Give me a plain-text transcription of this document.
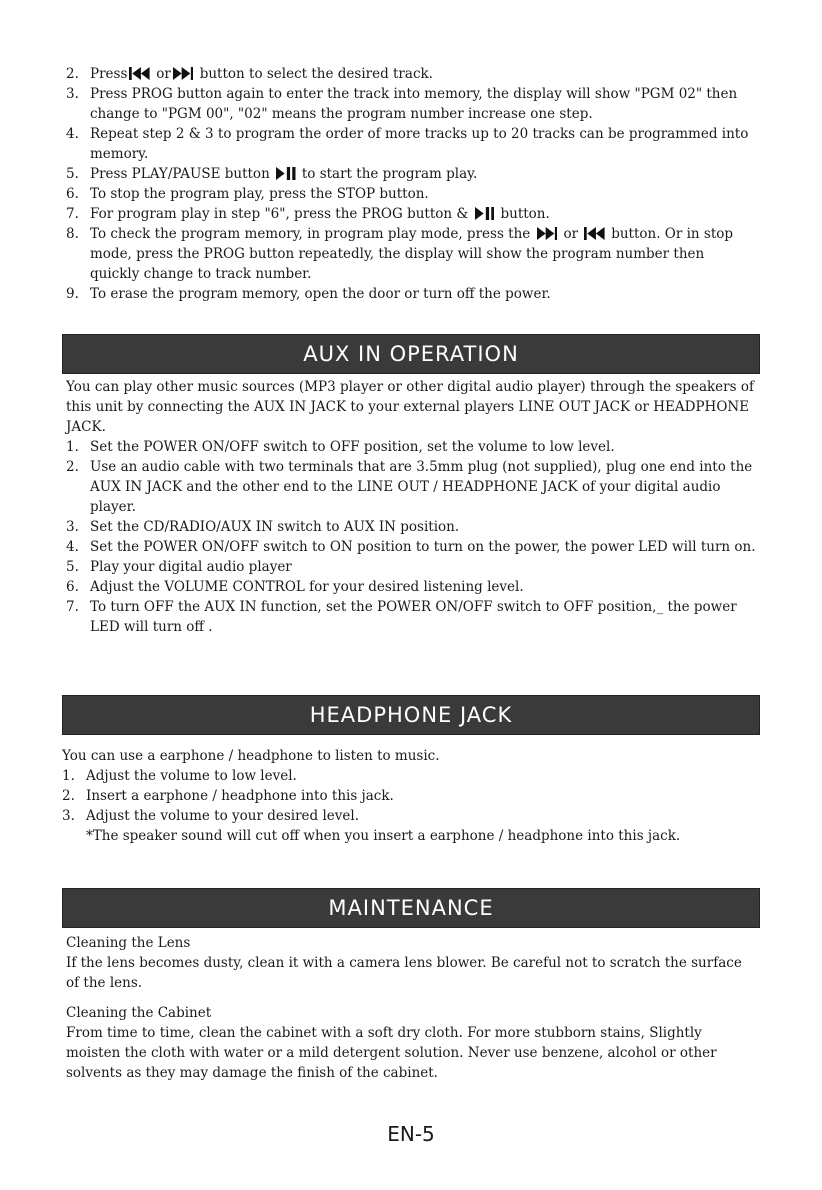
2. Press
or
button to select the desired track.
3. Press PROG button again to enter the track into memory, the display will show "PGM 02" then change to "PGM 00", "02" means the program number increase one step.
4. Repeat step 2 & 3 to program the order of more tracks up to 20 tracks can be programmed into memory.
5. Press PLAY/PAUSE button
to start the program play.
6. To stop the program play, press the STOP button.
7. For program play in step "6", press the PROG button &
button.
8. To check the program memory, in program play mode, press the
or
button. Or in stop mode, press the PROG button repeatedly, the display will show the program number then quickly change to track number.
9. To erase the program memory, open the door or turn off the power.
AUX IN OPERATION

You can play other music sources (MP3 player or other digital audio player) through the speakers of this unit by connecting the AUX IN JACK to your external players LINE OUT JACK or HEADPHONE JACK.

1. Set the POWER ON/OFF switch to OFF position, set the volume to low level.
2. Use an audio cable with two terminals that are 3.5mm plug (not supplied), plug one end into the AUX IN JACK and the other end to the LINE OUT / HEADPHONE JACK of your digital audio player.
3. Set the CD/RADIO/AUX IN switch to AUX IN position.
4. Set the POWER ON/OFF switch to ON position to turn on the power, the power LED will turn on.
5. Play your digital audio player
6. Adjust the VOLUME CONTROL for your desired listening level.
7. To turn OFF the AUX IN function, set the POWER ON/OFF switch to OFF position,_ the power LED will turn off .
HEADPHONE JACK

You can use a earphone / headphone to listen to music.

1. Adjust the volume to low level.
2. Insert a earphone / headphone into this jack.
3. Adjust the volume to your desired level.
*The speaker sound will cut off when you insert a earphone / headphone into this jack.
MAINTENANCE

Cleaning the Lens

If the lens becomes dusty, clean it with a camera lens blower. Be careful not to scratch the surface of the lens.

Cleaning the Cabinet

From time to time, clean the cabinet with a soft dry cloth. For more stubborn stains, Slightly moisten the cloth with water or a mild detergent solution. Never use benzene, alcohol or other solvents as they may damage the finish of the cabinet.

EN-5
